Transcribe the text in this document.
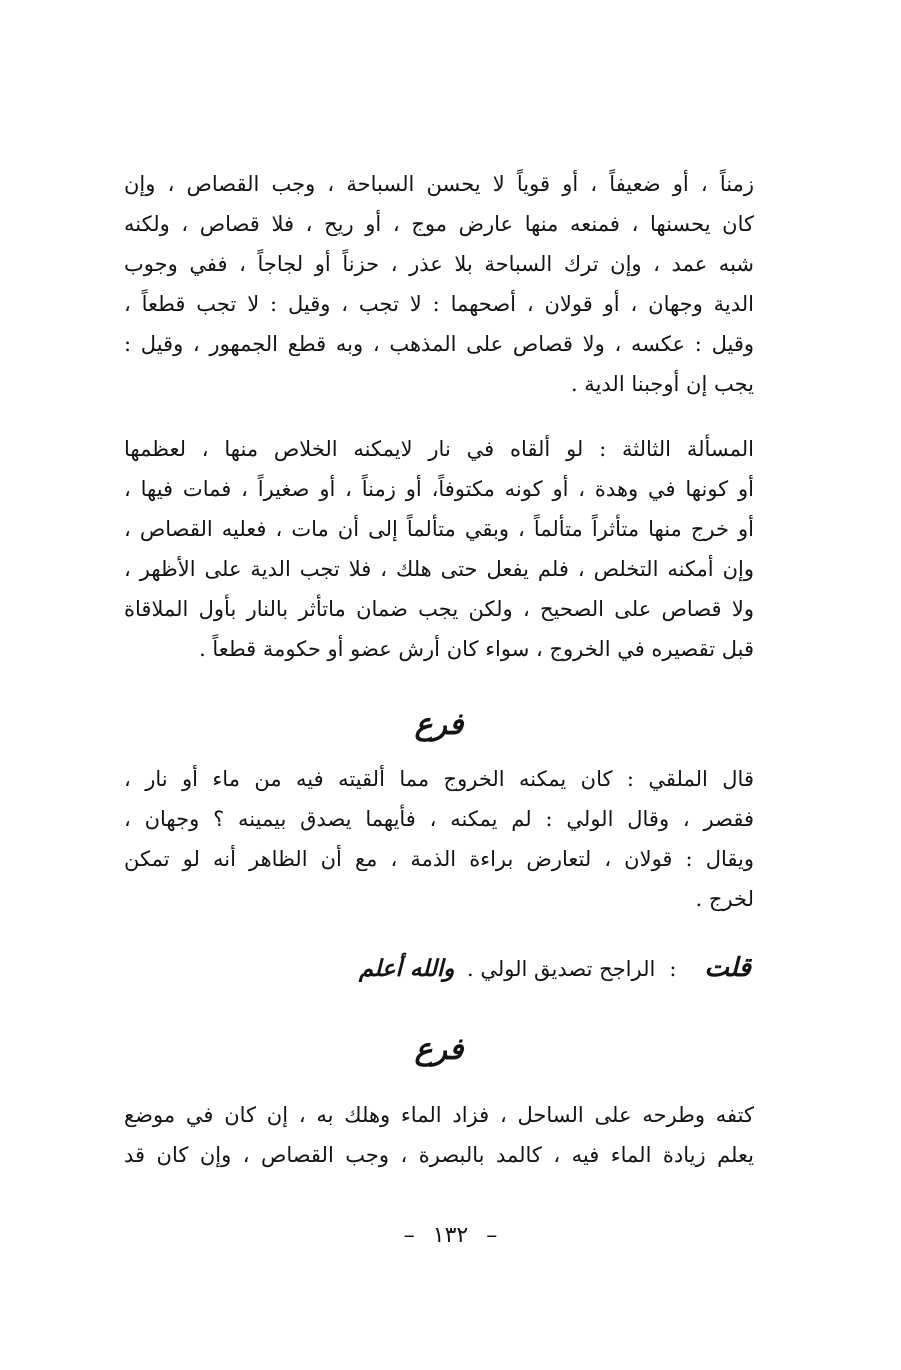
زمناً ، أو ضعيفاً ، أو قوياً لا يحسن السباحة ، وجب القصاص ، وإن
كان يحسنها ، فمنعه منها عارض موج ، أو ريح ، فلا قصاص ، ولكنه
شبه عمد ، وإن ترك السباحة بلا عذر ، حزناً أو لجاجاً ، ففي وجوب
الدية وجهان ، أو قولان ، أصحهما : لا تجب ، وقيل : لا تجب قطعاً ،
وقيل : عكسه ، ولا قصاص على المذهب ، وبه قطع الجمهور ، وقيل :
يجب إن أوجبنا الدية .
المسألة الثالثة : لو ألقاه في نار لايمكنه الخلاص منها ، لعظمها
أو كونها في وهدة ، أو كونه مكتوفاً، أو زمناً ، أو صغيراً ، فمات فيها ،
أو خرج منها متأثراً متألماً ، وبقي متألماً إلى أن مات ، فعليه القصاص ،
وإن أمكنه التخلص ، فلم يفعل حتى هلك ، فلا تجب الدية على الأظهر ،
ولا قصاص على الصحيح ، ولكن يجب ضمان ماتأثر بالنار بأول الملاقاة
قبل تقصيره في الخروج ، سواء كان أرش عضو أو حكومة قطعاً .
فرع
قال الملقي : كان يمكنه الخروج مما ألقيته فيه من ماء أو نار ،
فقصر ، وقال الولي : لم يمكنه ، فأيهما يصدق بيمينه ؟ وجهان ،
ويقال : قولان ، لتعارض براءة الذمة ، مع أن الظاهر أنه لو تمكن
لخرج .
قلت:الراجح تصديق الولي . والله أعلم
فرع
كتفه وطرحه على الساحل ، فزاد الماء وهلك به ، إن كان في موضع
يعلم زيادة الماء فيه ، كالمد بالبصرة ، وجب القصاص ، وإن كان قد
–١٣٢–
